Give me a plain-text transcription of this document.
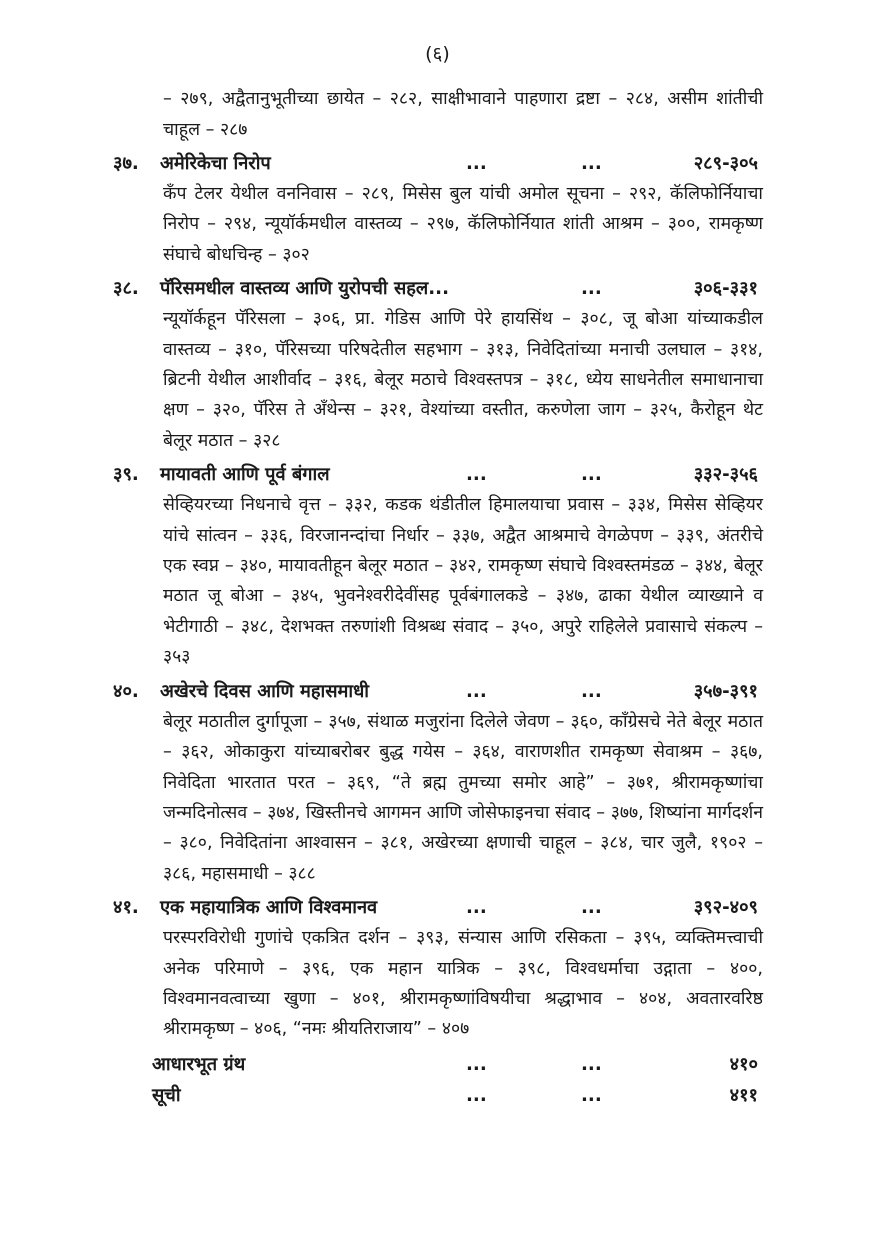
(६)
– २७९, अद्वैतानुभूतीच्या छायेत – २८२, साक्षीभावाने पाहणारा द्रष्टा – २८४, असीम शांतीची चाहूल – २८७
३७. अमेरिकेचा निरोप	...	...	२८९-३०५
कँप टेलर येथील वननिवास – २८९, मिसेस बुल यांची अमोल सूचना – २९२, कॅलिफोर्नियाचा निरोप – २९४, न्यूयॉर्कमधील वास्तव्य – २९७, कॅलिफोर्नियात शांती आश्रम – ३००, रामकृष्ण संघाचे बोधचिन्ह – ३०२
३८. पॅरिसमधील वास्तव्य आणि युरोपची सहल...	...	३०६-३३१
न्यूयॉर्कहून पॅरिसला – ३०६, प्रा. गेडिस आणि पेरे हायसिंथ – ३०८, जू बोआ यांच्याकडील वास्तव्य – ३१०, पॅरिसच्या परिषदेतील सहभाग – ३१३, निवेदितांच्या मनाची उलघाल – ३१४, ब्रिटनी येथील आशीर्वाद – ३१६, बेलूर मठाचे विश्वस्तपत्र – ३१८, ध्येय साधनेतील समाधानाचा क्षण – ३२०, पॅरिस ते अँथेन्स – ३२१, वेश्यांच्या वस्तीत, करुणेला जाग – ३२५, कैरोहून थेट बेलूर मठात – ३२८
३९. मायावती आणि पूर्व बंगाल	...	...	३३२-३५६
सेव्हियरच्या निधनाचे वृत्त – ३३२, कडक थंडीतील हिमालयाचा प्रवास – ३३४, मिसेस सेव्हियर यांचे सांत्वन – ३३६, विरजानन्दांचा निर्धार – ३३७, अद्वैत आश्रमाचे वेगळेपण – ३३९, अंतरीचे एक स्वप्न – ३४०, मायावतीहून बेलूर मठात – ३४२, रामकृष्ण संघाचे विश्वस्तमंडळ – ३४४, बेलूर मठात जू बोआ – ३४५, भुवनेश्वरीदेवींसह पूर्वबंगालकडे – ३४७, ढाका येथील व्याख्याने व भेटीगाठी – ३४८, देशभक्त तरुणांशी विश्रब्ध संवाद – ३५०, अपुरे राहिलेले प्रवासाचे संकल्प – ३५३
४०. अखेरचे दिवस आणि महासमाधी	...	...	३५७-३९१
बेलूर मठातील दुर्गापूजा – ३५७, संथाळ मजुरांना दिलेले जेवण – ३६०, काँग्रेसचे नेते बेलूर मठात – ३६२, ओकाकुरा यांच्याबरोबर बुद्ध गयेस – ३६४, वाराणशीत रामकृष्ण सेवाश्रम – ३६७, निवेदिता भारतात परत – ३६९, “ते ब्रह्म तुमच्या समोर आहे” – ३७१, श्रीरामकृष्णांचा जन्मदिनोत्सव – ३७४, खिस्तीनचे आगमन आणि जोसेफाइनचा संवाद – ३७७, शिष्यांना मार्गदर्शन – ३८०, निवेदितांना आश्वासन – ३८१, अखेरच्या क्षणाची चाहूल – ३८४, चार जुलै, १९०२ – ३८६, महासमाधी – ३८८
४१. एक महायात्रिक आणि विश्वमानव	...	...	३९२-४०९
परस्परविरोधी गुणांचे एकत्रित दर्शन – ३९३, संन्यास आणि रसिकता – ३९५, व्यक्तिमत्त्वाची अनेक परिमाणे – ३९६, एक महान यात्रिक – ३९८, विश्वधर्माचा उद्गाता – ४००, विश्वमानवत्वाच्या खुणा – ४०१, श्रीरामकृष्णांविषयीचा श्रद्धाभाव – ४०४, अवतारवरिष्ठ श्रीरामकृष्ण – ४०६, “नमः श्रीयतिराजाय” – ४०७
आधारभूत ग्रंथ	...	...	४१०
सूची	...	...	४११
